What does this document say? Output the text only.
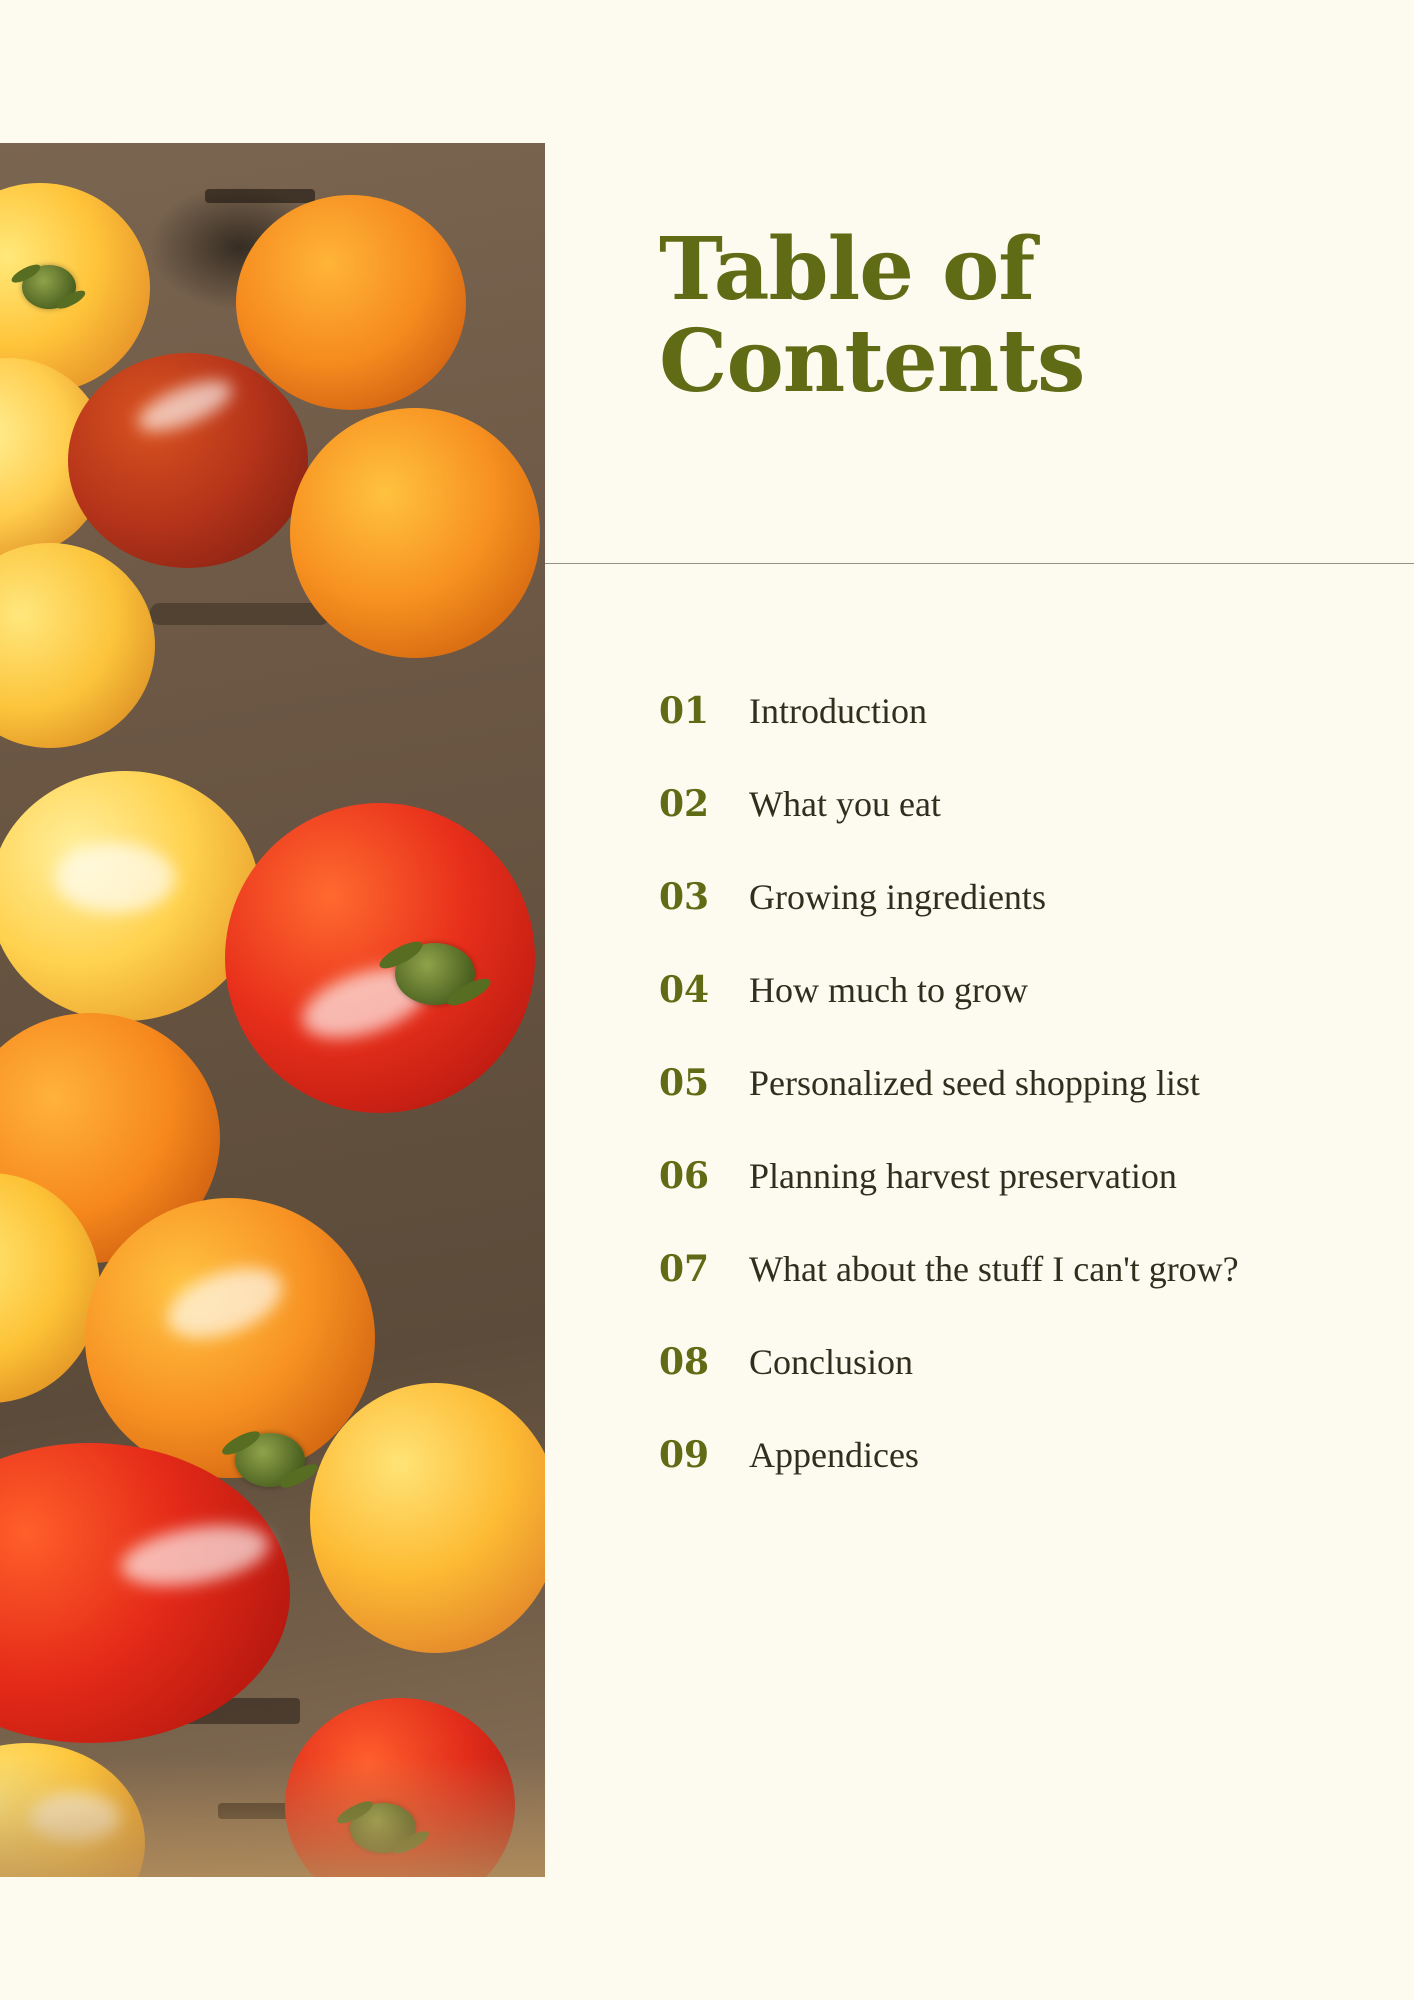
Table of
Contents
01	Introduction
02	What you eat
03	Growing ingredients
04	How much to grow
05	Personalized seed shopping list
06	Planning harvest preservation
07	What about the stuff I can't grow?
08	Conclusion
09	Appendices
